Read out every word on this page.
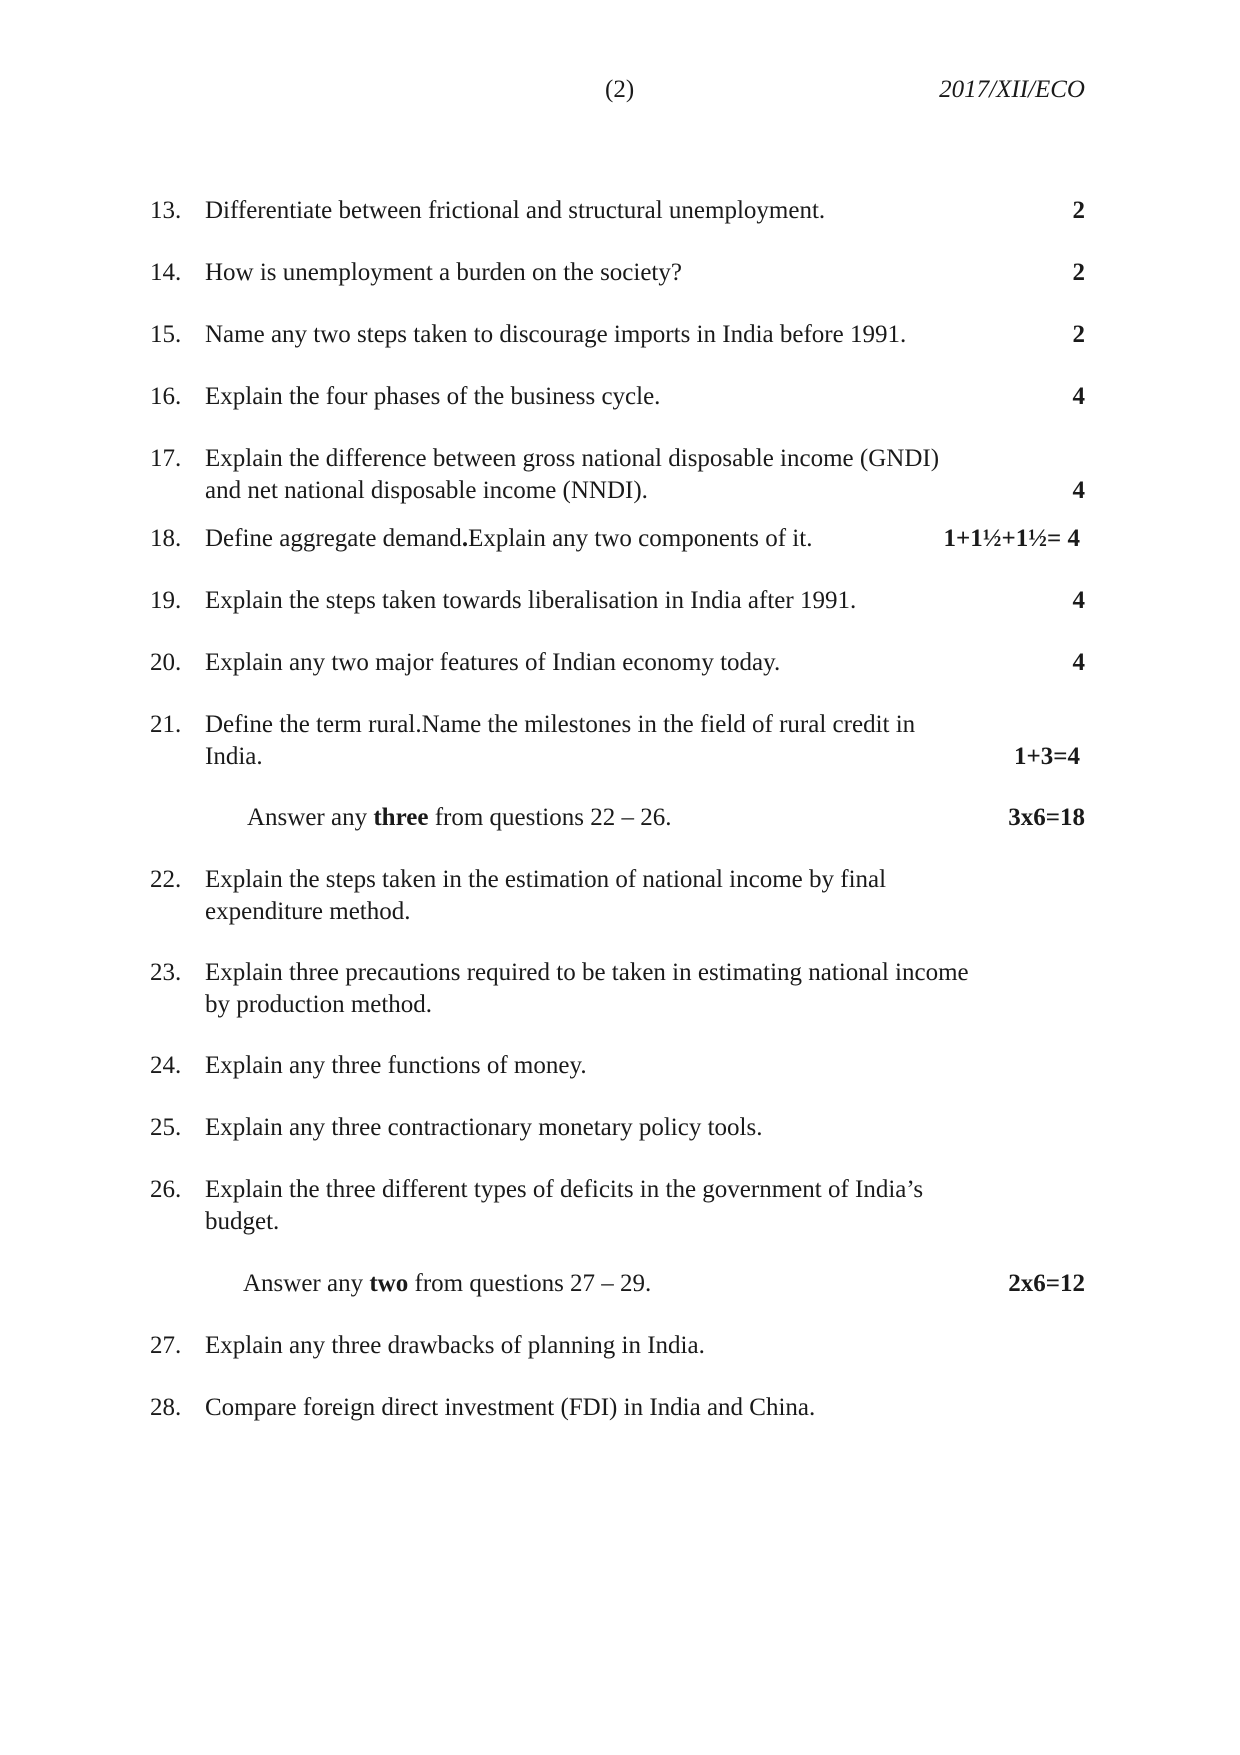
(2)	2017/XII/ECO
13. Differentiate between frictional and structural unemployment.	2
14. How is unemployment a burden on the society?	2
15. Name any two steps taken to discourage imports in India before 1991.	2
16. Explain the four phases of the business cycle.	4
17. Explain the difference between gross national disposable income (GNDI) and net national disposable income (NNDI).	4
18. Define aggregate demand.Explain any two components of it.	1+1½+1½= 4
19. Explain the steps taken towards liberalisation in India after 1991.	4
20. Explain any two major features of Indian economy today.	4
21. Define the term rural.Name the milestones in the field of rural credit in India.	1+3=4
Answer any three from questions 22 – 26.	3x6=18
22. Explain the steps taken in the estimation of national income by final expenditure method.
23. Explain three precautions required to be taken in estimating national income by production method.
24. Explain any three functions of money.
25. Explain any three contractionary monetary policy tools.
26. Explain the three different types of deficits in the government of India’s budget.
Answer any two from questions 27 – 29.	2x6=12
27. Explain any three drawbacks of planning in India.
28. Compare foreign direct investment (FDI) in India and China.
